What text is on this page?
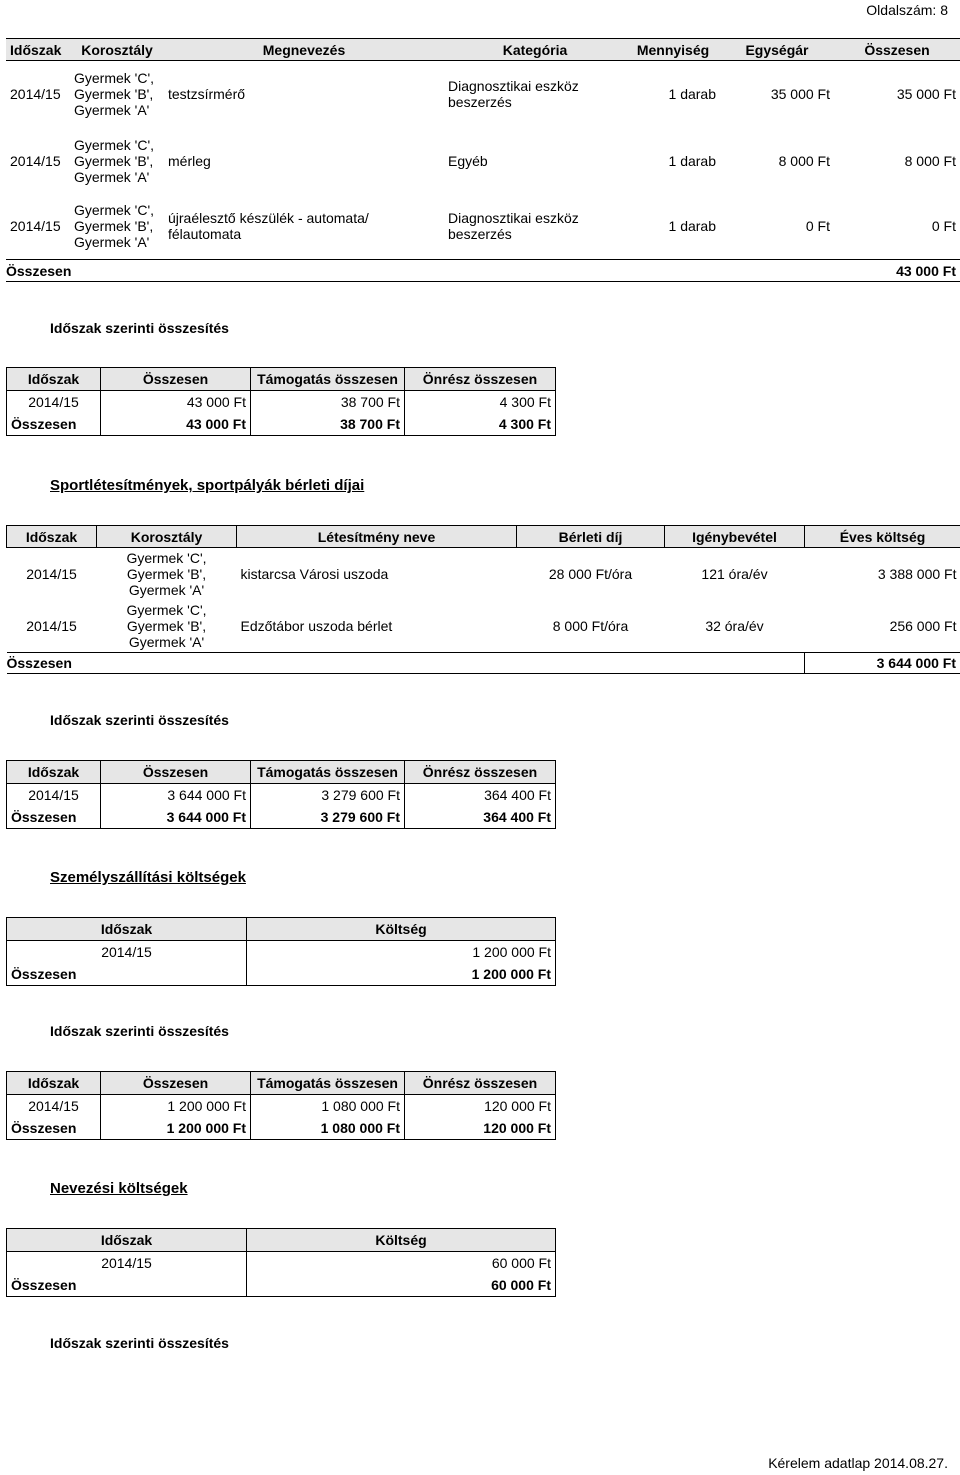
Oldalszám: 8
Időszak	Korosztály	Megnevezés	Kategória	Mennyiség	Egységár	Összesen
2014/15	Gyermek 'C', Gyermek 'B', Gyermek 'A'	testzsírmérő	Diagnosztikai eszköz beszerzés	1 darab	35 000 Ft	35 000 Ft
2014/15	Gyermek 'C', Gyermek 'B', Gyermek 'A'	mérleg	Egyéb	1 darab	8 000 Ft	8 000 Ft
2014/15	Gyermek 'C', Gyermek 'B', Gyermek 'A'	újraélesztő készülék - automata/ félautomata	Diagnosztikai eszköz beszerzés	1 darab	0 Ft	0 Ft
Összesen						43 000 Ft
Időszak szerinti összesítés
Időszak	Összesen	Támogatás összesen	Önrész összesen
2014/15	43 000 Ft	38 700 Ft	4 300 Ft
Összesen	43 000 Ft	38 700 Ft	4 300 Ft
Sportlétesítmények, sportpályák bérleti díjai
Időszak	Korosztály	Létesítmény neve	Bérleti díj	Igénybevétel	Éves költség
2014/15	Gyermek 'C', Gyermek 'B', Gyermek 'A'	kistarcsa Városi uszoda	28 000 Ft/óra	121 óra/év	3 388 000 Ft
2014/15	Gyermek 'C', Gyermek 'B', Gyermek 'A'	Edzőtábor uszoda bérlet	8 000 Ft/óra	32 óra/év	256 000 Ft
Összesen					3 644 000 Ft
Időszak szerinti összesítés
Időszak	Összesen	Támogatás összesen	Önrész összesen
2014/15	3 644 000 Ft	3 279 600 Ft	364 400 Ft
Összesen	3 644 000 Ft	3 279 600 Ft	364 400 Ft
Személyszállítási költségek
Időszak	Költség
2014/15	1 200 000 Ft
Összesen	1 200 000 Ft
Időszak szerinti összesítés
Időszak	Összesen	Támogatás összesen	Önrész összesen
2014/15	1 200 000 Ft	1 080 000 Ft	120 000 Ft
Összesen	1 200 000 Ft	1 080 000 Ft	120 000 Ft
Nevezési költségek
Időszak	Költség
2014/15	60 000 Ft
Összesen	60 000 Ft
Időszak szerinti összesítés
Kérelem adatlap 2014.08.27.
